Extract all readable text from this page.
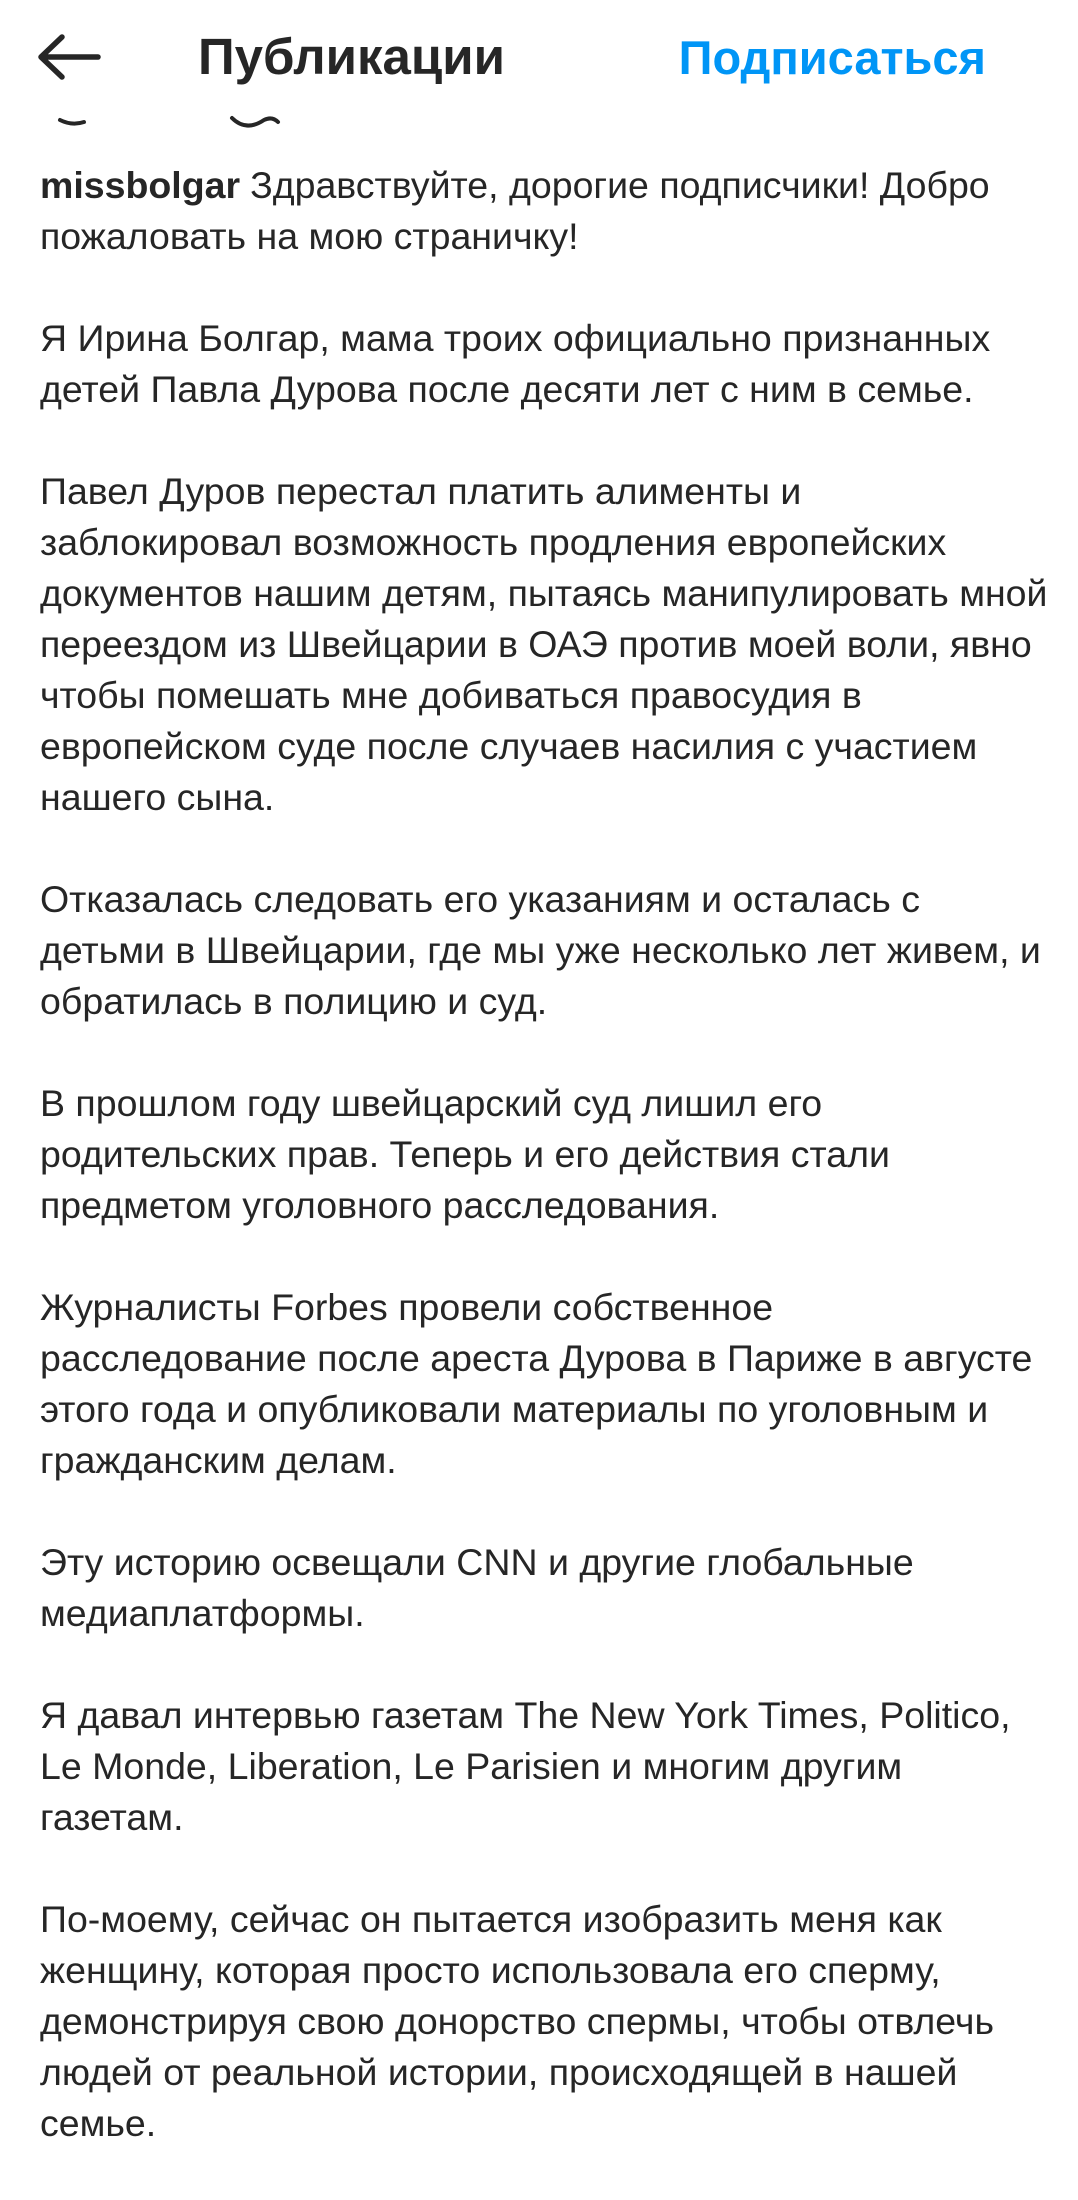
Публикации	Подписаться

missbolgar Здравствуйте, дорогие подписчики! Добро пожаловать на мою страничку!

Я Ирина Болгар, мама троих официально признанных детей Павла Дурова после десяти лет с ним в семье.

Павел Дуров перестал платить алименты и заблокировал возможность продления европейских документов нашим детям, пытаясь манипулировать мной переездом из Швейцарии в ОАЭ против моей воли, явно чтобы помешать мне добиваться правосудия в европейском суде после случаев насилия с участием нашего сына.

Отказалась следовать его указаниям и осталась с детьми в Швейцарии, где мы уже несколько лет живем, и обратилась в полицию и суд.

В прошлом году швейцарский суд лишил его родительских прав. Теперь и его действия стали предметом уголовного расследования.

Журналисты Forbes провели собственное расследование после ареста Дурова в Париже в августе этого года и опубликовали материалы по уголовным и гражданским делам.

Эту историю освещали CNN и другие глобальные медиаплатформы.

Я давал интервью газетам The New York Times, Politico, Le Monde, Liberation, Le Parisien и многим другим газетам.

По-моему, сейчас он пытается изобразить меня как женщину, которая просто использовала его сперму, демонстрируя свою донорство спермы, чтобы отвлечь людей от реальной истории, происходящей в нашей семье.
